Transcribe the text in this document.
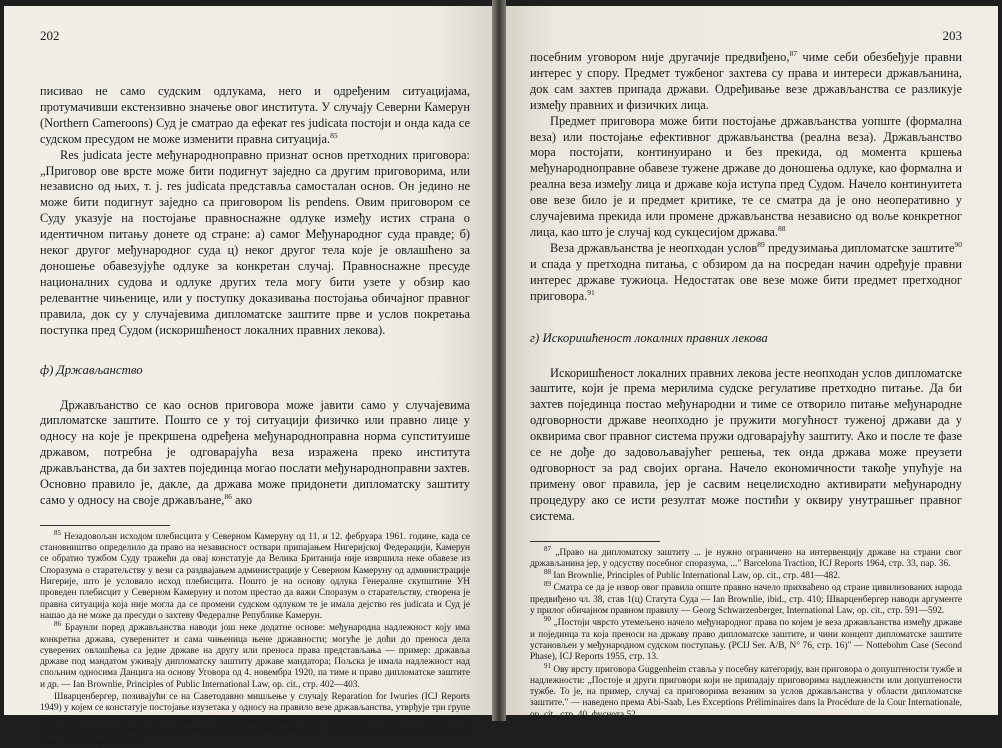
202

писиваo не само судским одлукама, него и одређеним ситуацијама, протумачивши екстензивно значење овог института. У случају Северни Камерун (Northern Cameroons) Суд је сматрао да ефекат res judicata постоји и онда када се судском пресудом не може изменити правна ситуација.$^{85}$

Res judicata јесте међународноправно признат основ претходних приговора: „Приговор ове врсте може бити подигнут заједно са другим приговорима, или независно од њих, т. ј. res judicata представља самосталан основ. Он једино не може бити подигнут заједно са приговором lis pendens. Овим приговором се Суду указује на постојање правноснажне одлуке између истих страна о идентичном питању донете од стране: а) самог Међународног суда правде; б) неког другог међународног суда ц) неког другог тела које је овлашћено за доношење обавезујуће одлуке за конкретан случај. Правноснажне пресуде националних судова и одлуке других тела могу бити узете у обзир као релевантне чињенице, или у поступку доказивања постојања обичајног правног правила, док су у случајевима дипломатске заштите прве и услов покретања поступка пред Судом (искоришћеност локалних правних лекова).

ф) Држављанство

Држављанство се као основ приговора може јавити само у случајевима дипломатске заштите. Пошто се у тој ситуацији физичко или правно лице у односу на које је прекршена одређена међународноправна норма супституише државом, потребна је одговарајућа веза изражена преко института држављанства, да би захтев појединца могао послати међународноправни захтев. Основно правило је, дакле, да држава може придонети дипломатску заштиту само у односу на своје држављане,$^{86}$ ако

$^{85}$ Незадовољан исходом плебисцита у Северном Камеруну од 11. и 12. фебруара 1961. године, када се становништво определило да право на независност оствари припајањем Нигеријској Федерацији, Камерун се обратио тужбом Суду тражећи да овај констатује да Велика Британија није извршила неке обавезе из Споразума о старатељству у вези са раздвајањем администрације у Северном Камеруну од администрације Нигерије, што је условило исход плебисцита. Пошто је на основу одлука Генералне скупштине УН проведен плебисцит у Северном Камеруну и потом престао да важи Споразум о старатељству, створена је правна ситуација која није могла да се промени судском одлуком те је имала дејство res judicata и Суд је нашао да не може да пресуди о захтеву Федералне Републике Камерун.

$^{86}$ Браунли поред држављанства наводи још неке додатне основе: међународна надлежност коју има конкретна држава, суверенитет и сама чињеница њене државности; могуће је доћи до преноса дела суверених овлашћења са једне државе на другу или преноса права представљања — пример: државља државе под мандатом уживају дипломатску заштиту државе мандатора; Пољска је имала надлежност над спољним односима Данцига на основу Уговора од 4. новембра 1920, па тиме и право дипломатске заштите и др. — Ian Brownlie, Principles of Public International Law, op. cit., стр. 402—403.

Шварценбергер, позивајући се на Саветодавно мишљење у случају Reparation for Iwuries (ICJ Reports 1949) у којем се констатује постојање изузетака у односу на правило везе држављанства, утврђује три групе изузетака: 1) Посебно заштићена лица, 2) Припадници оружаних снага и бродских посада, 3) Правило везе држављанства може бити измењено или укинуто посебним уговором — Georg Schwarzenberger, Internatonal Law, op. cit., стр. 592—596.

203

посебним уговором није другачије предвиђено,$^{87}$ чиме себи обезбеђује правни интерес у спору. Предмет тужбеног захтева су права и интереси држављанина, док сам захтев припада држави. Одређивање везе држављанства се разликује између правних и физичких лица.

Предмет приговора може бити постојање држављанства уопште (формална веза) или постојање ефективног држављанства (реална веза). Држављанство мора постојати, континуирано и без прекида, од момента кршења међународноправне обавезе тужене државе до доношења одлуке, као формална и реална веза између лица и државе која иступа пред Судом. Начело континуитета ове везе било је и предмет критике, те се сматра да је оно неоперативно у случајевима прекида или промене држављанства независно од воље конкретног лица, као што је случај код сукцесијом држава.$^{88}$

Веза држављанства је неопходан услов$^{89}$ предузимања дипломатске заштите$^{90}$ и спада у претходна питања, с обзиром да на посредан начин одређује правни интерес државе тужиоца. Недостатак ове везе може бити предмет претходног приговора.$^{91}$

г) Искоришћеност локалних правних лекова

Искоришћеност локалних правних лекова јесте неопходан услов дипломатске заштите, који је према мерилима судске регулативе претходно питање. Да би захтев појединца постао међународни и тиме се отворило питање међународне одговорности државе неопходно је пружити могућност туженој држави да у оквирима свог правног система пружи одговарајућу заштиту. Ако и после те фазе се не дође до задовољавајућег решења, тек онда држава може преузети одговорност за рад својих органа. Начело економичности такође упућује на примену овог правила, јер је сасвим нецелисходно активирати међународну процедуру ако се исти резултат може постићи у оквиру унутрашњег правног система.

$^{87}$ „Право на дипломатску заштиту ... је нужно ограничено на интервенцију државе на страни свог држављанина јер, у одсуству посебног споразума, ..." Barcelona Traction, ICJ Reports 1964, стр. 33, пар. 36.

$^{88}$ Ian Brownlie, Principles of Public International Law, op. cit., стр. 481—482.

$^{89}$ Сматра се да је извор овог правила опште правно начело прихваћено од стране цивилизованих народа предвиђено чл. 38, став 1(ц) Статута Суда — Ian Brownlie, ibid., стр. 410; Шварценбергер наводи аргументе у прилог обичајном правном правилу — Georg Schwarzenberger, International Law, op. cit., стр. 591—592.

$^{90}$ „Постоји чврсто утемељено начело међународног права по којем је веза држављанства између државе и појединца та која преноси на државу право дипломатске заштите, и чини концепт дипломатске заштите установљен у међународном судском поступању. (PCIJ Ser. A/B, N° 76, стр. 16)" — Nottebohm Case (Second Phase), ICJ Reports 1955, стр. 13.

$^{91}$ Ову врсту приговора Guggenheim ставља у посебну категорију, ван приговора о допуштености тужбе и надлежности: „Постоје и други приговори који не припадају приговорима надлежности или допуштености тужбе. То је, на пример, случај са приговорима везаним за услов држављанства у области дипломатске заштите." — наведено према Abi-Saab, Les Exceptions Préliminaires dans la Procédure de la Cour Internationale, op. cit., стр. 40, фуснота 52.
